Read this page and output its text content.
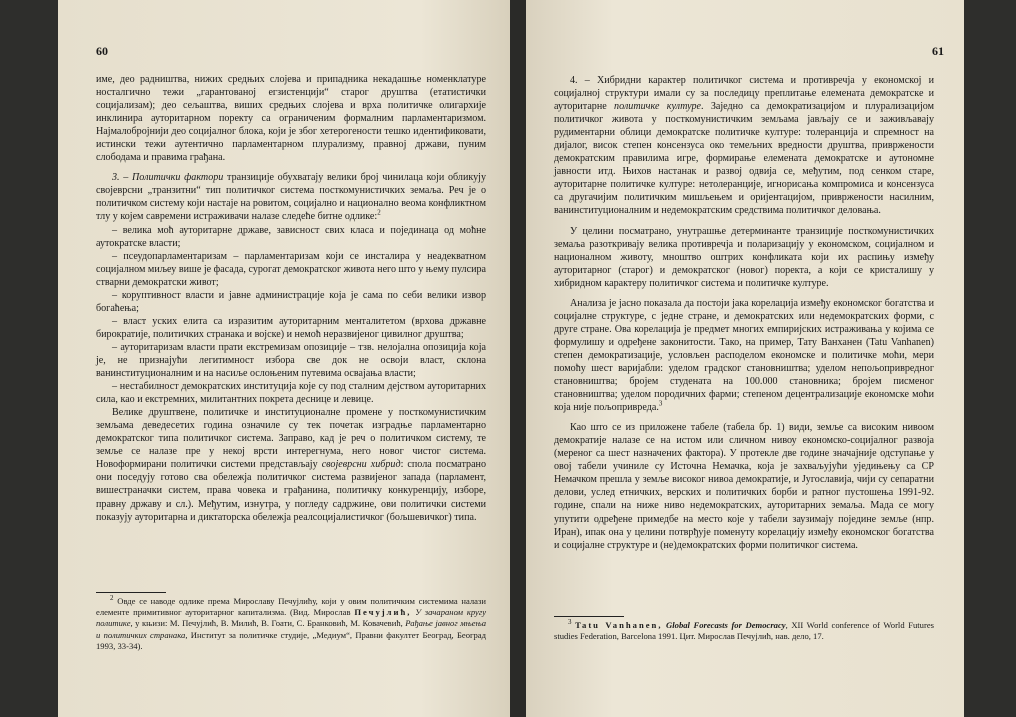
60

име, део радништва, нижих средњих слојева и припадника некадашње номенклатуре носталгично тежи „гарантованој егзистенцији“ старог друштва (етатистички социјализам); део сељаштва, виших средњих слојева и врха политичке олигархије инклинира ауторитарном поректу са ограниченим формалним парламентаризмом. Најмалобројнији део социјалног блока, који је због хетерогености тешко идентификовати, истински тежи аутентично парламентарном плурализму, правној држави, пуним слободама и правима грађана.

3. – Политички фактори транзиције обухватају велики број чинилаца који обликују својеврсни „транзитни“ тип политичког система посткомунистичких земаља. Реч је о политичком систему који настаје на ровитом, социјално и национално веома конфликтном тлу у којем савремени истраживачи налазе следеће битне одлике:$^2$

– велика моћ ауторитарне државе, зависност свих класа и појединаца од моћне аутократске власти;

– псеудопарламентаризам – парламентаризам који се инсталира у неадекватном социјалном миљеу више је фасада, сурогат демократског живота него што у њему пулсира стварни демократски живот;

– коруптивност власти и јавне администрације која је сама по себи велики извор богаћења;

– власт уских елита са изразитим ауторитарним менталитетом (врхова државне бирократије, политичких странака и војске) и немоћ неразвијеног цивилног друштва;

– ауторитаризам власти прати екстремизам опозиције – тзв. нелојална опозиција која је, не признајући легитимност избора све док не освоји власт, склона ванинституционалним и на насиље ослоњеним путевима освајања власти;

– нестабилност демократских институција које су под сталним дејством ауторитарних сила, као и екстремних, милитантних покрета деснице и левице.

Велике друштвене, политичке и институционалне промене у посткомунистичким земљама деведесетих година означиле су тек почетак изградње парламентарно демократског типа политичког система. Заправо, кад је реч о политичком систему, те земље се налазе пре у некој врсти интерегнума, него новог чистог система. Новоформирани политички системи представљају својеврсни хибрид: спола посматрано они поседују готово сва обележја политичког система развијеног запада (парламент, вишестраначки систем, права човека и грађанина, политичку конкуренцију, изборе, правну државу и сл.). Међутим, изнутра, у погледу садржине, ови политички системи показују ауторитарна и диктаторска обележја реалсоцијалистичког (бољшевичког) типа.

$^2$ Овде се наводе одлике према Мирославу Печујлићу, који у овим политичким системима налази елементе примитивног ауторитарног капитализма. (Вид. Мирослав Печујлић, У зачараном кругу политике, у књизи: М. Печујлић, В. Милић, В. Гоати, С. Бранковић, М. Ковачевић, Рађање јавног мњења и политичких странака, Институт за политичке студије, „Медиум“, Правни факултет Београд, Београд 1993, 33-34).

61

4. – Хибридни карактер политичког система и противречја у економској и социјалној структури имали су за последицу преплитање елемената демократске и ауторитарне политичке културе. Заједно са демократизацијом и плурализацијом политичког живота у посткомунистичким земљама јављају се и заживљавају рудиментарни облици демократске политичке културе: толеранција и спремност на дијалог, висок степен консензуса око темељних вредности друштва, привржености демократским правилима игре, формирање елемената демократске и аутономне јавности итд. Њихов настанак и развој одвија се, међутим, под сенком старе, ауторитарне политичке културе: нетолеранције, игнорисања компромиса и консензуса са другачијим политичким мишљењем и оријентацијом, привржености насилним, ванинституционалним и недемократским средствима политичког деловања.

У целини посматрано, унутрашње детерминанте транзиције посткомунистичких земаља разоткривају велика противречја и поларизацију у економском, социјалном и националном животу, мноштво оштрих конфликата који их распињу између ауторитарног (старог) и демократског (новог) поректа, а који се кристалишу у хибридном карактеру политичког система и политичке културе.

Анализа је јасно показала да постоји јака корелација између економског богатства и социјалне структуре, с једне стране, и демократских или недемократских форми, с друге стране. Ова корелација је предмет многих емпиријских истраживања у којима се формулишу и одређене законитости. Тако, на пример, Тату Ванханен (Tatu Vanhanen) степен демократизације, условљен расподелом економске и политичке моћи, мери помоћу шест варијабли: уделом градског становништва; уделом непољопривредног становништва; бројем студената на 100.000 становника; бројем писменог становништва; уделом породичних фарми; степеном децентрализације економске моћи која није пољопривреда.$^3$

Као што се из приложене табеле (табела бр. 1) види, земље са високим нивоом демократије налазе се на истом или сличном нивоу економско-социјалног развоја (мереног са шест назначених фактора). У протекле две године значајније одступање у овој табели учиниле су Источна Немачка, која је захваљујући уједињењу са СР Немачком прешла у земље високог нивоа демократије, и Југославија, чији су сепаратни делови, услед етничких, верских и политичких борби и ратног пустошења 1991-92. године, спали на ниже ниво недемократских, ауторитарних земаља. Мада се могу упутити одређене примедбе на место које у табели заузимају поједине земље (нпр. Иран), ипак она у целини потврђује поменуту корелацију између економског богатства и социјалне структуре и (не)демократских форми политичког система.

$^3$ Tatu Vanhanen, Global Forecasts for Democracy, XII World conference of World Futures studies Federation, Barcelona 1991. Цит. Мирослав Печујлић, нав. дело, 17.
